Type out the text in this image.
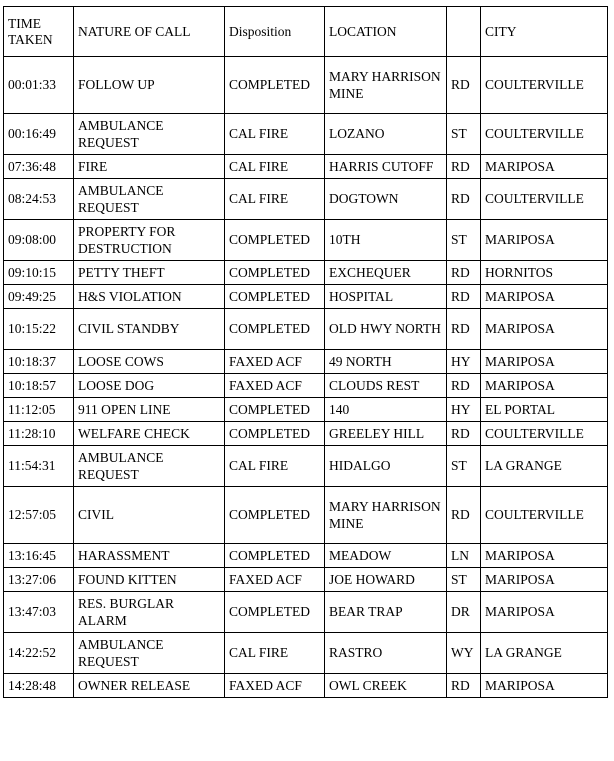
TIME TAKEN	NATURE OF CALL	Disposition	LOCATION		CITY
00:01:33	FOLLOW UP	COMPLETED	MARY HARRISON MINE	RD	COULTERVILLE
00:16:49	AMBULANCE REQUEST	CAL FIRE	LOZANO	ST	COULTERVILLE
07:36:48	FIRE	CAL FIRE	HARRIS CUTOFF	RD	MARIPOSA
08:24:53	AMBULANCE REQUEST	CAL FIRE	DOGTOWN	RD	COULTERVILLE
09:08:00	PROPERTY FOR DESTRUCTION	COMPLETED	10TH	ST	MARIPOSA
09:10:15	PETTY THEFT	COMPLETED	EXCHEQUER	RD	HORNITOS
09:49:25	H&S VIOLATION	COMPLETED	HOSPITAL	RD	MARIPOSA
10:15:22	CIVIL STANDBY	COMPLETED	OLD HWY NORTH	RD	MARIPOSA
10:18:37	LOOSE COWS	FAXED ACF	49 NORTH	HY	MARIPOSA
10:18:57	LOOSE DOG	FAXED ACF	CLOUDS REST	RD	MARIPOSA
11:12:05	911 OPEN LINE	COMPLETED	140	HY	EL PORTAL
11:28:10	WELFARE CHECK	COMPLETED	GREELEY HILL	RD	COULTERVILLE
11:54:31	AMBULANCE REQUEST	CAL FIRE	HIDALGO	ST	LA GRANGE
12:57:05	CIVIL	COMPLETED	MARY HARRISON MINE	RD	COULTERVILLE
13:16:45	HARASSMENT	COMPLETED	MEADOW	LN	MARIPOSA
13:27:06	FOUND KITTEN	FAXED ACF	JOE HOWARD	ST	MARIPOSA
13:47:03	RES. BURGLAR ALARM	COMPLETED	BEAR TRAP	DR	MARIPOSA
14:22:52	AMBULANCE REQUEST	CAL FIRE	RASTRO	WY	LA GRANGE
14:28:48	OWNER RELEASE	FAXED ACF	OWL CREEK	RD	MARIPOSA
